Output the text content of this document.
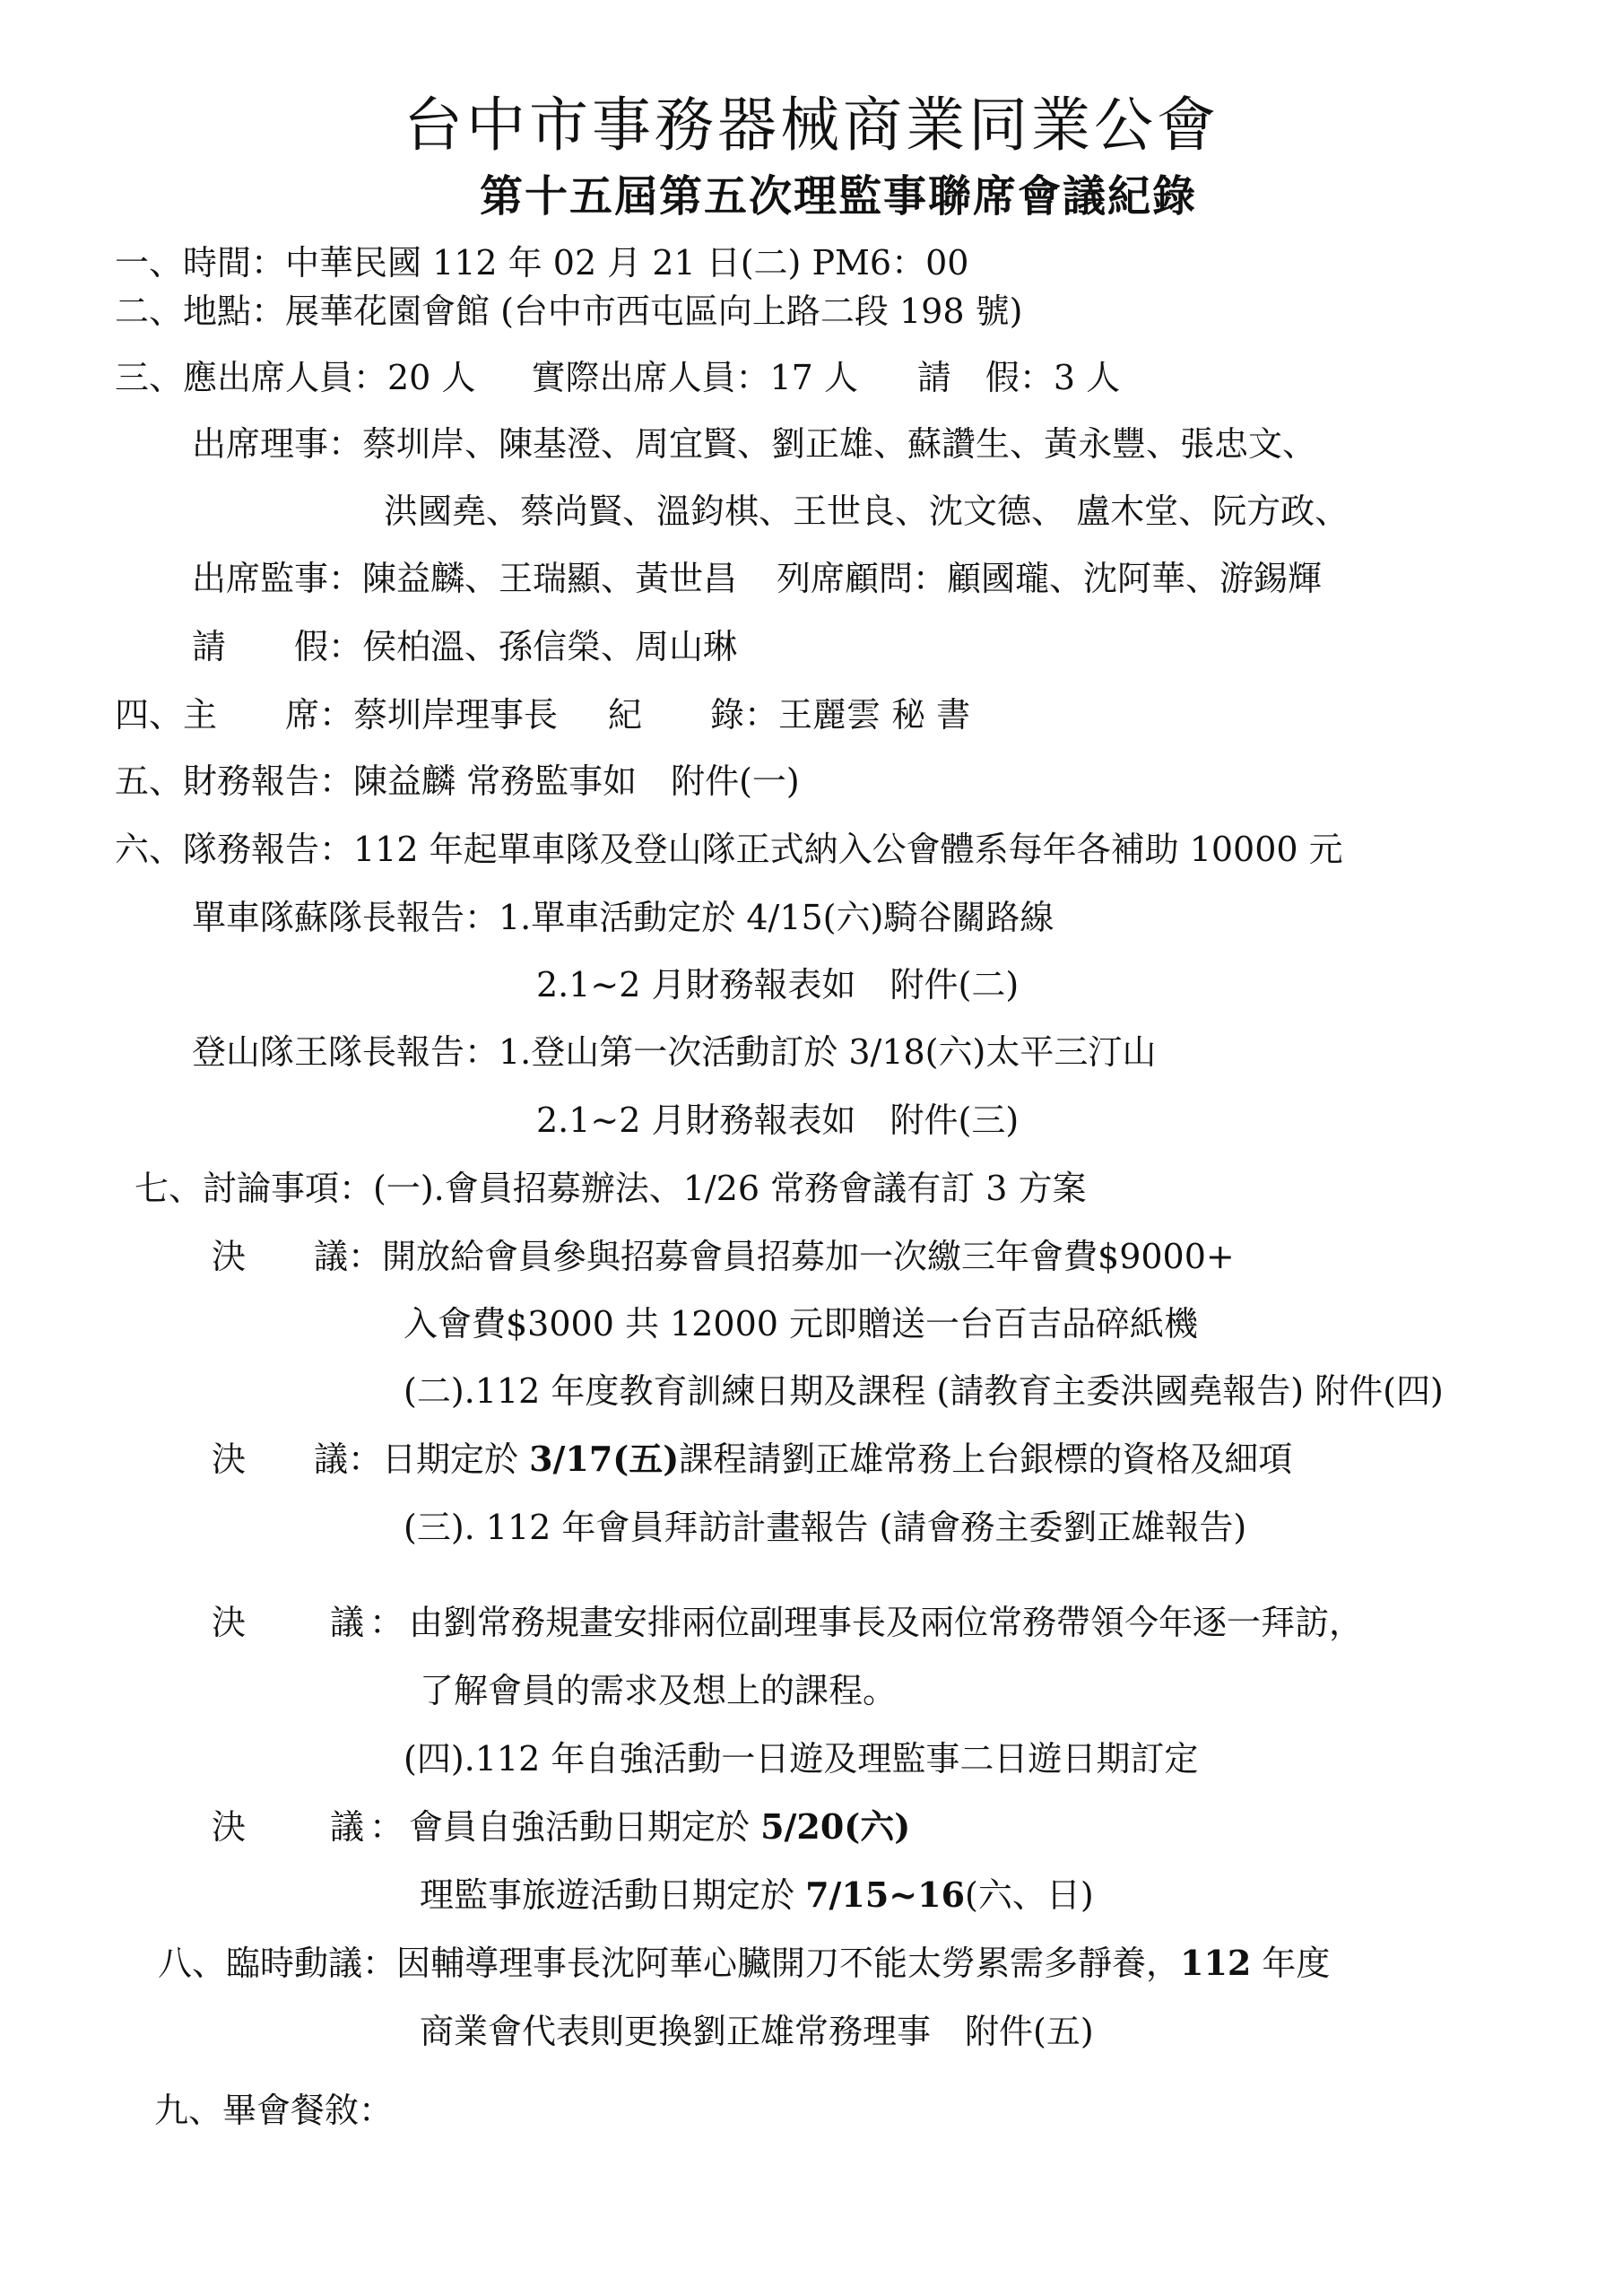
台中市事務器械商業同業公會
第十五屆第五次理監事聯席會議紀錄
一、時間：中華民國 112 年 02 月 21 日(二) PM6：00
二、地點：展華花園會館 (台中市西屯區向上路二段 198 號)
三、應出席人員：20 人 實際出席人員：17 人 請　假：3 人
出席理事：蔡圳岸、陳基澄、周宜賢、劉正雄、蘇讚生、黃永豐、張忠文、
洪國堯、蔡尚賢、溫鈞棋、王世良、沈文德、 盧木堂、阮方政、
出席監事：陳益麟、王瑞顯、黃世昌 列席顧問：顧國瓏、沈阿華、游錫輝
請　　假：侯柏溫、孫信榮、周山琳
四、主　　席：蔡圳岸理事長 紀　　錄：王麗雲 秘 書
五、財務報告：陳益麟 常務監事如　附件(一)
六、隊務報告：112 年起單車隊及登山隊正式納入公會體系每年各補助 10000 元
單車隊蘇隊長報告：1.單車活動定於 4/15(六)騎谷關路線
2.1~2 月財務報表如　附件(二)
登山隊王隊長報告：1.登山第一次活動訂於 3/18(六)太平三汀山
2.1~2 月財務報表如　附件(三)
七、討論事項：(一).會員招募辦法、1/26 常務會議有訂 3 方案
決　　議：開放給會員參與招募會員招募加一次繳三年會費$9000+
入會費$3000 共 12000 元即贈送一台百吉品碎紙機
(二).112 年度教育訓練日期及課程 (請教育主委洪國堯報告) 附件(四)
決　　議：日期定於 3/17(五)課程請劉正雄常務上台銀標的資格及細項
(三). 112 年會員拜訪計畫報告 (請會務主委劉正雄報告)
決　　議：由劉常務規畫安排兩位副理事長及兩位常務帶領今年逐一拜訪，
了解會員的需求及想上的課程。
(四).112 年自強活動一日遊及理監事二日遊日期訂定
決　　議：會員自強活動日期定於 5/20(六)
理監事旅遊活動日期定於 7/15~16(六、日)
八、臨時動議：因輔導理事長沈阿華心臟開刀不能太勞累需多靜養，112 年度
商業會代表則更換劉正雄常務理事　附件(五)
九、畢會餐敘：
